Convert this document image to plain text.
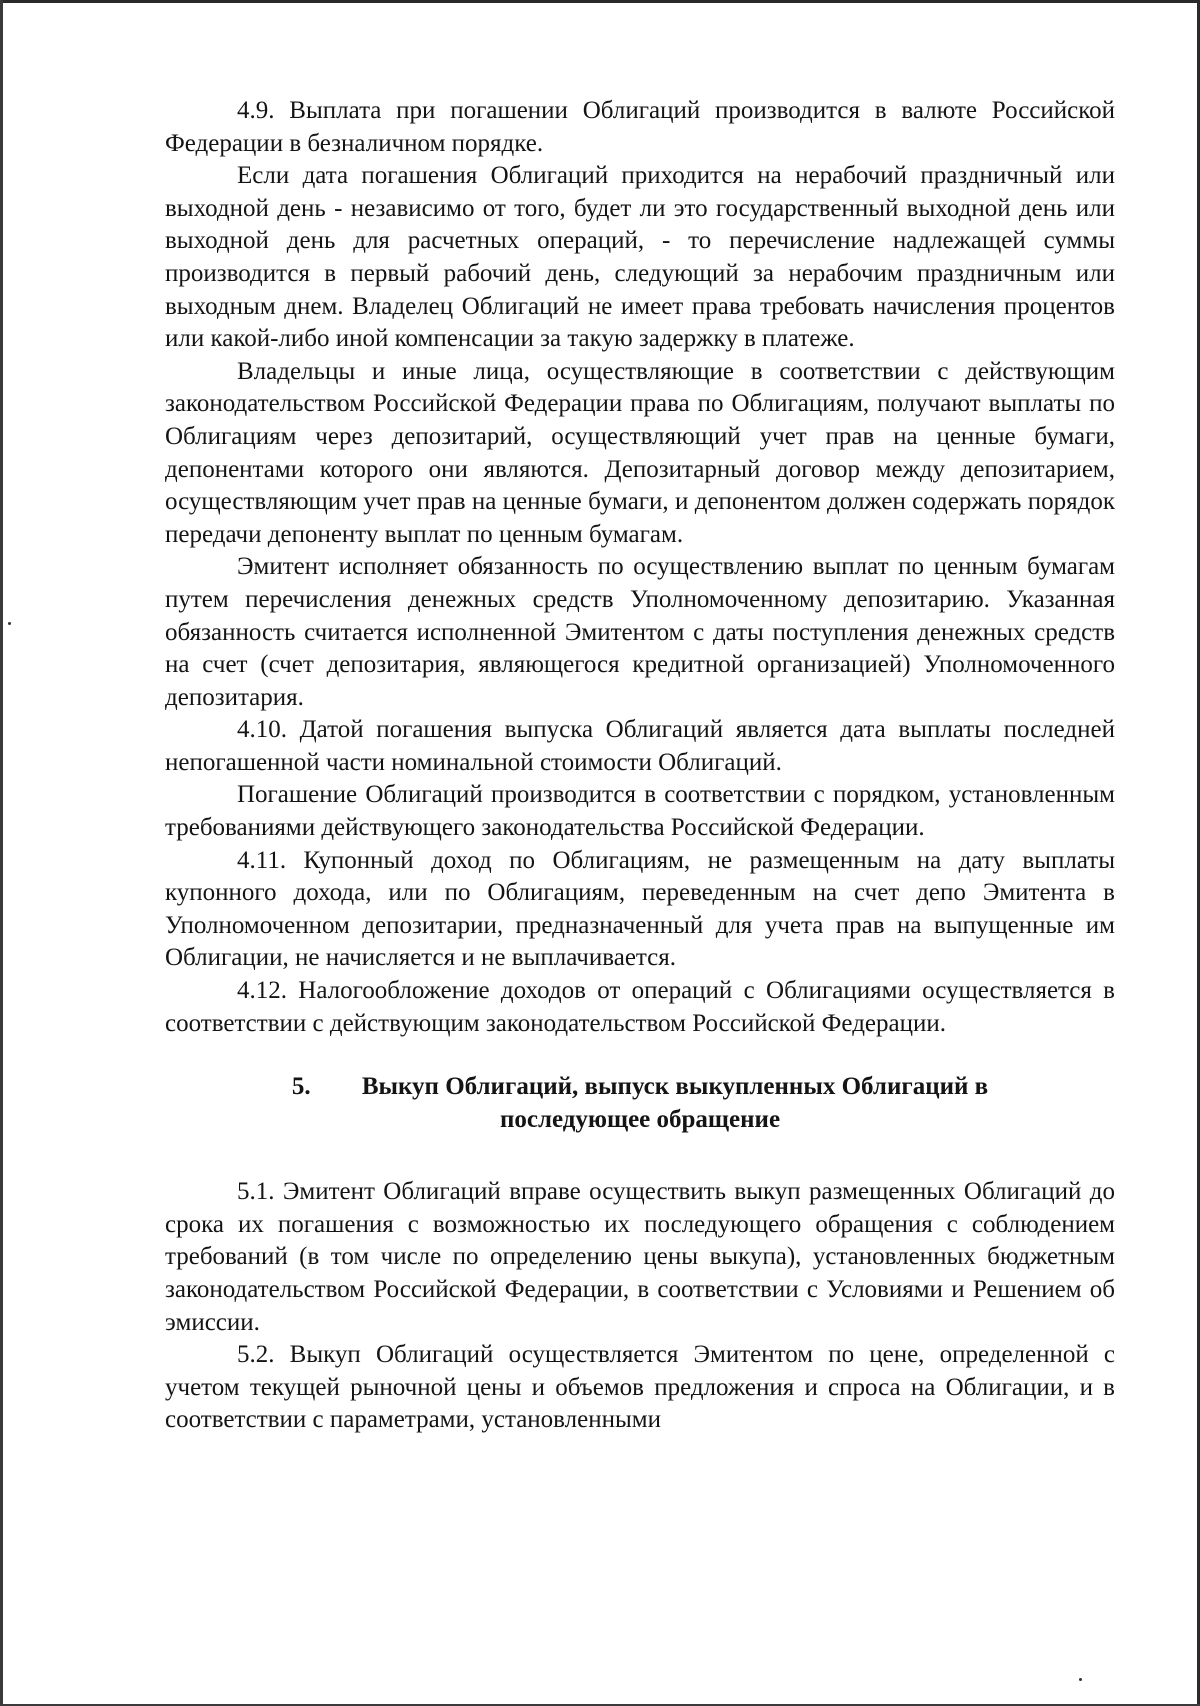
4.9. Выплата при погашении Облигаций производится в валюте Российской Федерации в безналичном порядке.

Если дата погашения Облигаций приходится на нерабочий праздничный или выходной день - независимо от того, будет ли это государственный выходной день или выходной день для расчетных операций, - то перечисление надлежащей суммы производится в первый рабочий день, следующий за нерабочим праздничным или выходным днем. Владелец Облигаций не имеет права требовать начисления процентов или какой-либо иной компенсации за такую задержку в платеже.

Владельцы и иные лица, осуществляющие в соответствии с действующим законодательством Российской Федерации права по Облигациям, получают выплаты по Облигациям через депозитарий, осуществляющий учет прав на ценные бумаги, депонентами которого они являются. Депозитарный договор между депозитарием, осуществляющим учет прав на ценные бумаги, и депонентом должен содержать порядок передачи депоненту выплат по ценным бумагам.

Эмитент исполняет обязанность по осуществлению выплат по ценным бумагам путем перечисления денежных средств Уполномоченному депозитарию. Указанная обязанность считается исполненной Эмитентом с даты поступления денежных средств на счет (счет депозитария, являющегося кредитной организацией) Уполномоченного депозитария.

4.10. Датой погашения выпуска Облигаций является дата выплаты последней непогашенной части номинальной стоимости Облигаций.

Погашение Облигаций производится в соответствии с порядком, установленным требованиями действующего законодательства Российской Федерации.

4.11. Купонный доход по Облигациям, не размещенным на дату выплаты купонного дохода, или по Облигациям, переведенным на счет депо Эмитента в Уполномоченном депозитарии, предназначенный для учета прав на выпущенные им Облигации, не начисляется и не выплачивается.

4.12. Налогообложение доходов от операций с Облигациями осуществляется в соответствии с действующим законодательством Российской Федерации.

5. Выкуп Облигаций, выпуск выкупленных Облигаций в
последующее обращение

5.1. Эмитент Облигаций вправе осуществить выкуп размещенных Облигаций до срока их погашения с возможностью их последующего обращения с соблюдением требований (в том числе по определению цены выкупа), установленных бюджетным законодательством Российской Федерации, в соответствии с Условиями и Решением об эмиссии.

5.2. Выкуп Облигаций осуществляется Эмитентом по цене, определенной с учетом текущей рыночной цены и объемов предложения и спроса на Облигации, и в соответствии с параметрами, установленными
